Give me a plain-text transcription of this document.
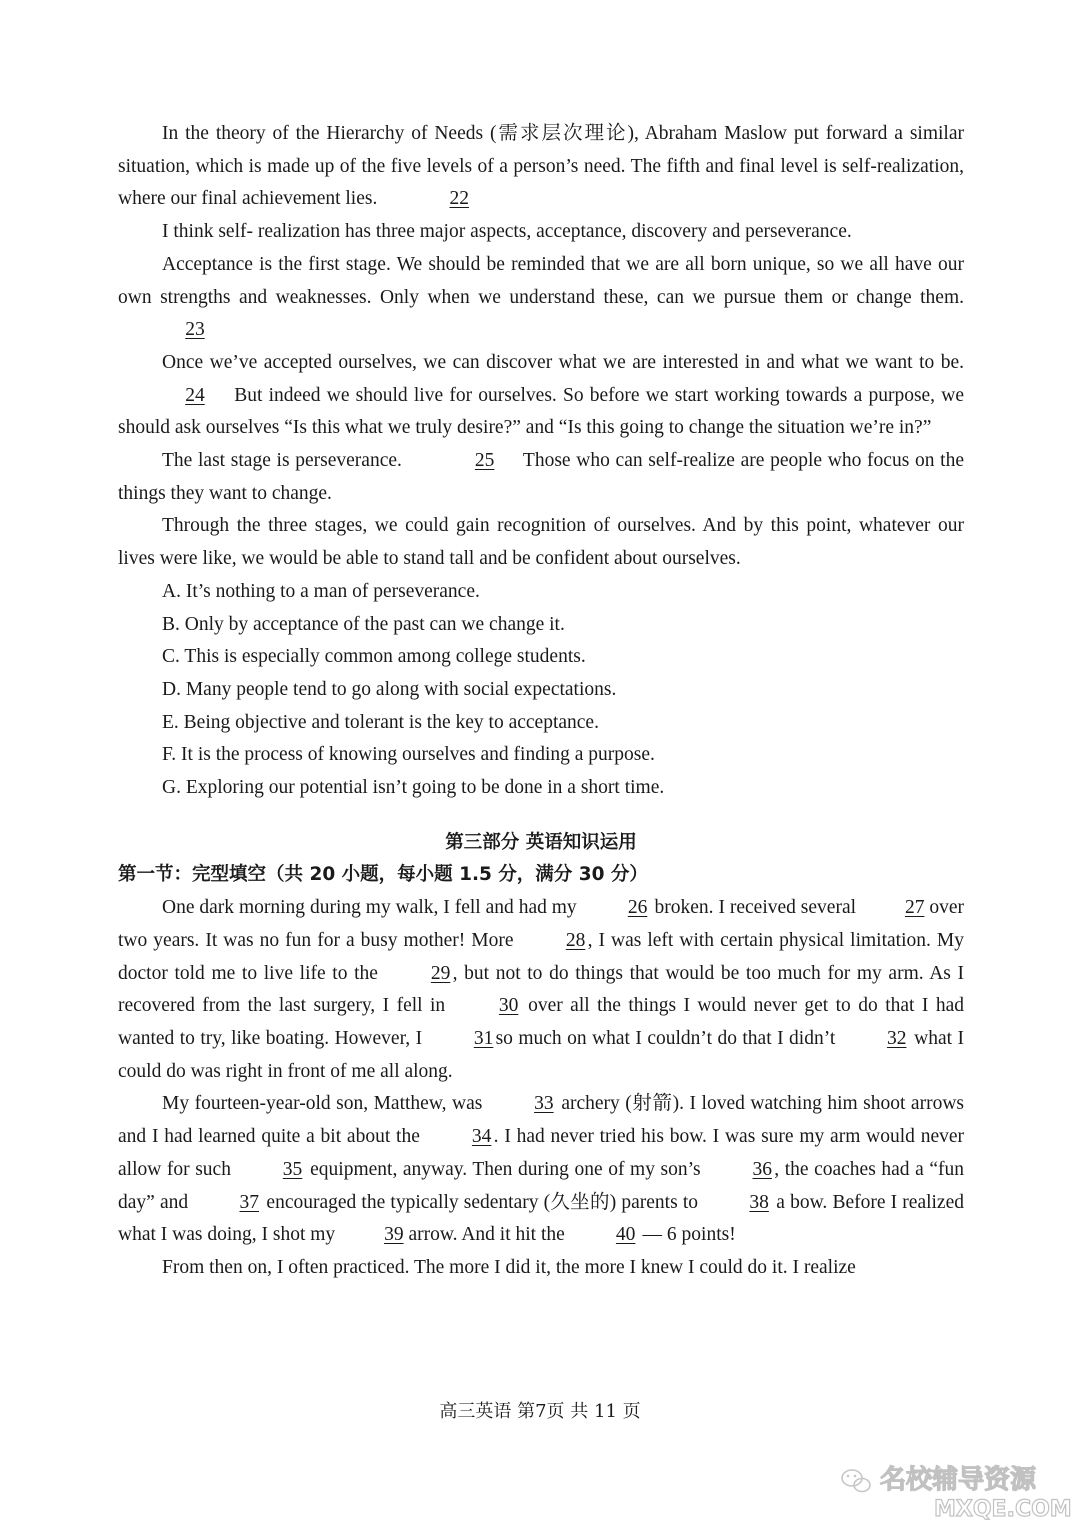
In the theory of the Hierarchy of Needs (需求层次理论), Abraham Maslow put forward a similar situation, which is made up of the five levels of a person’s need. The fifth and final level is self-realization, where our final achievement lies.	22

I think self- realization has three major aspects, acceptance, discovery and perseverance.

Acceptance is the first stage. We should be reminded that we are all born unique, so we all have our own strengths and weaknesses. Only when we understand these, can we pursue them or change them. 23

Once we’ve accepted ourselves, we can discover what we are interested in and what we want to be. 24 But indeed we should live for ourselves. So before we start working towards a purpose, we should ask ourselves “Is this what we truly desire?” and “Is this going to change the situation we’re in?”

The last stage is perseverance.	25 Those who can self-realize are people who focus on the things they want to change.

Through the three stages, we could gain recognition of ourselves. And by this point, whatever our lives were like, we would be able to stand tall and be confident about ourselves.

A. It’s nothing to a man of perseverance.

B. Only by acceptance of the past can we change it.

C. This is especially common among college students.

D. Many people tend to go along with social expectations.

E. Being objective and tolerant is the key to acceptance.

F. It is the process of knowing ourselves and finding a purpose.

G. Exploring our potential isn’t going to be done in a short time.

第三部分 英语知识运用

第一节：完型填空（共 20 小题，每小题 1.5 分，满分 30 分）

One dark morning during my walk, I fell and had my 26 broken. I received several 27 over two years. It was no fun for a busy mother! More 28 , I was left with certain physical limitation. My doctor told me to live life to the 29 , but not to do things that would be too much for my arm. As I recovered from the last surgery, I fell in 30 over all the things I would never get to do that I had wanted to try, like boating. However, I 31 so much on what I couldn’t do that I didn’t 32 what I could do was right in front of me all along.

My fourteen-year-old son, Matthew, was 33 archery (射箭). I loved watching him shoot arrows and I had learned quite a bit about the 34 . I had never tried his bow. I was sure my arm would never allow for such 35 equipment, anyway. Then during one of my son’s 36 , the coaches had a “fun day” and 37 encouraged the typically sedentary (久坐的) parents to 38 a bow. Before I realized what I was doing, I shot my 39 arrow. And it hit the 40 — 6 points!

From then on, I often practiced. The more I did it, the more I knew I could do it. I realize

高三英语 第7页 共 11 页
名校辅导资源
MXQE.COM
